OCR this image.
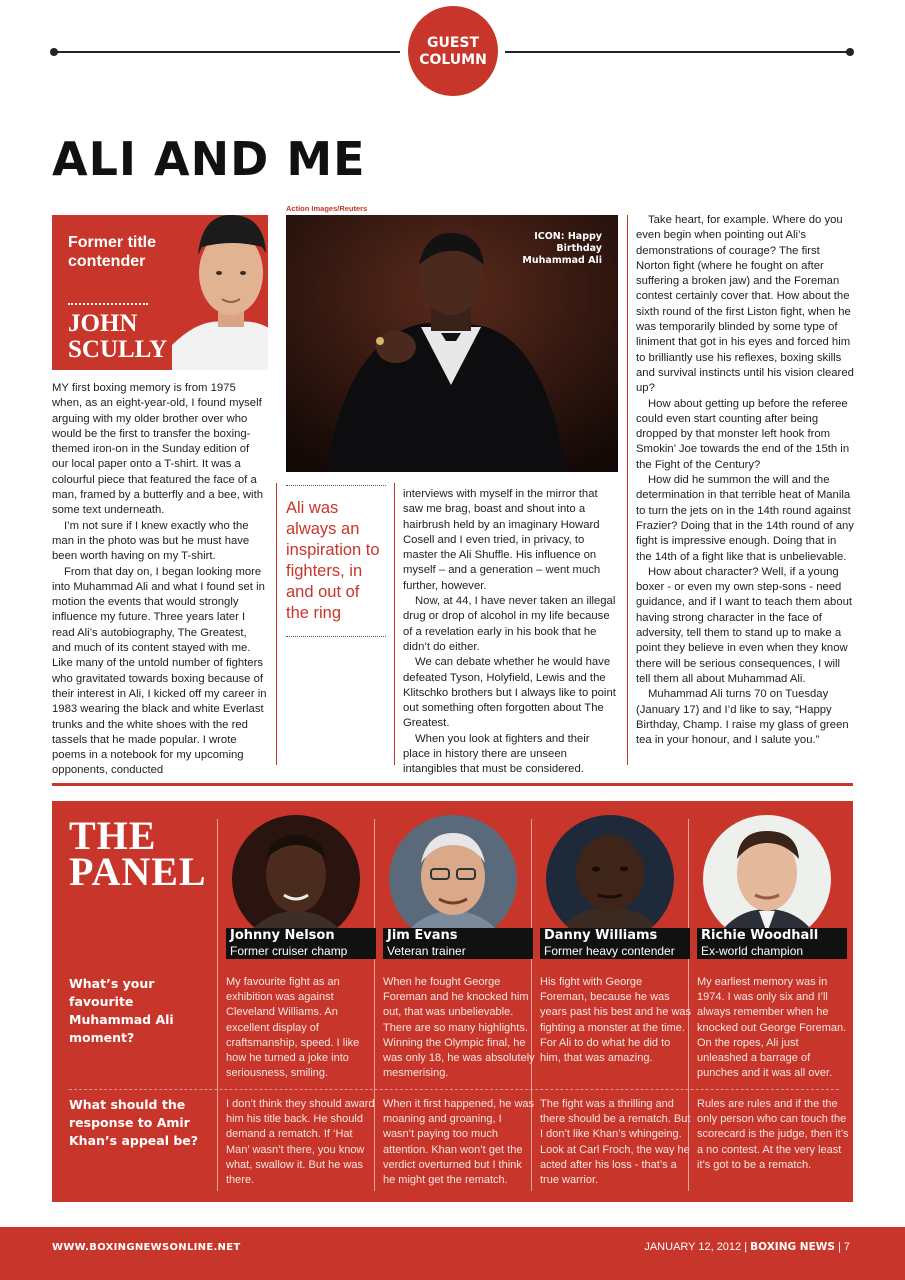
GUEST
COLUMN
ALI AND ME
Former title contender
JOHN
SCULLY

MY first boxing memory is from 1975 when, as an eight-year-old, I found myself arguing with my older brother over who would be the first to transfer the boxing-themed iron-on in the Sunday edition of our local paper onto a T-shirt. It was a colourful piece that featured the face of a man, framed by a butterfly and a bee, with some text underneath.

I’m not sure if I knew exactly who the man in the photo was but he must have been worth having on my T-shirt.

From that day on, I began looking more into Muhammad Ali and what I found set in motion the events that would strongly influence my future. Three years later I read Ali’s autobiography, The Greatest, and much of its content stayed with me. Like many of the untold number of fighters who gravitated towards boxing because of their interest in Ali, I kicked off my career in 1983 wearing the black and white Everlast trunks and the white shoes with the red tassels that he made popular. I wrote poems in a notebook for my upcoming opponents, conducted

Action Images/Reuters
ICON: Happy
Birthday
Muhammad Ali
Ali was always an inspiration to fighters, in and out of the ring

interviews with myself in the mirror that saw me brag, boast and shout into a hairbrush held by an imaginary Howard Cosell and I even tried, in privacy, to master the Ali Shuffle. His influence on myself – and a generation – went much further, however.

Now, at 44, I have never taken an illegal drug or drop of alcohol in my life because of a revelation early in his book that he didn’t do either.

We can debate whether he would have defeated Tyson, Holyfield, Lewis and the Klitschko brothers but I always like to point out something often forgotten about The Greatest.

When you look at fighters and their place in history there are unseen intangibles that must be considered.

Take heart, for example. Where do you even begin when pointing out Ali’s demonstrations of courage? The first Norton fight (where he fought on after suffering a broken jaw) and the Foreman contest certainly cover that. How about the sixth round of the first Liston fight, when he was temporarily blinded by some type of liniment that got in his eyes and forced him to brilliantly use his reflexes, boxing skills and survival instincts until his vision cleared up?

How about getting up before the referee could even start counting after being dropped by that monster left hook from Smokin’ Joe towards the end of the 15th in the Fight of the Century?

How did he summon the will and the determination in that terrible heat of Manila to turn the jets on in the 14th round against Frazier? Doing that in the 14th round of any fight is impressive enough. Doing that in the 14th of a fight like that is unbelievable.

How about character? Well, if a young boxer - or even my own step-sons - need guidance, and if I want to teach them about having strong character in the face of adversity, tell them to stand up to make a point they believe in even when they know there will be serious consequences, I will tell them all about Muhammad Ali.

Muhammad Ali turns 70 on Tuesday (January 17) and I’d like to say, “Happy Birthday, Champ. I raise my glass of green tea in your honour, and I salute you.”

THE
PANEL
What’s your favourite Muhammad Ali moment?
What should the response to Amir Khan’s appeal be?
Johnny Nelson
Former cruiser champ
My favourite fight as an exhibition was against Cleveland Williams. An excellent display of craftsmanship, speed. I like how he turned a joke into seriousness, smiling.
I don’t think they should award him his title back. He should demand a rematch. If ‘Hat Man’ wasn’t there, you know what, swallow it. But he was there.
Jim Evans
Veteran trainer
When he fought George Foreman and he knocked him out, that was unbelievable. There are so many highlights. Winning the Olympic final, he was only 18, he was absolutely mesmerising.
When it first happened, he was moaning and groaning, I wasn’t paying too much attention. Khan won’t get the verdict overturned but I think he might get the rematch.
Danny Williams
Former heavy contender
His fight with George Foreman, because he was years past his best and he was fighting a monster at the time. For Ali to do what he did to him, that was amazing.
The fight was a thrilling and there should be a rematch. But I don’t like Khan’s whingeing. Look at Carl Froch, the way he acted after his loss - that’s a true warrior.
Richie Woodhall
Ex-world champion
My earliest memory was in 1974. I was only six and I’ll always remember when he knocked out George Foreman. On the ropes, Ali just unleashed a barrage of punches and it was all over.
Rules are rules and if the the only person who can touch the scorecard is the judge, then it’s a no contest. At the very least it’s got to be a rematch.
WWW.BOXINGNEWSONLINE.NET	JANUARY 12, 2012 | BOXING NEWS | 7
